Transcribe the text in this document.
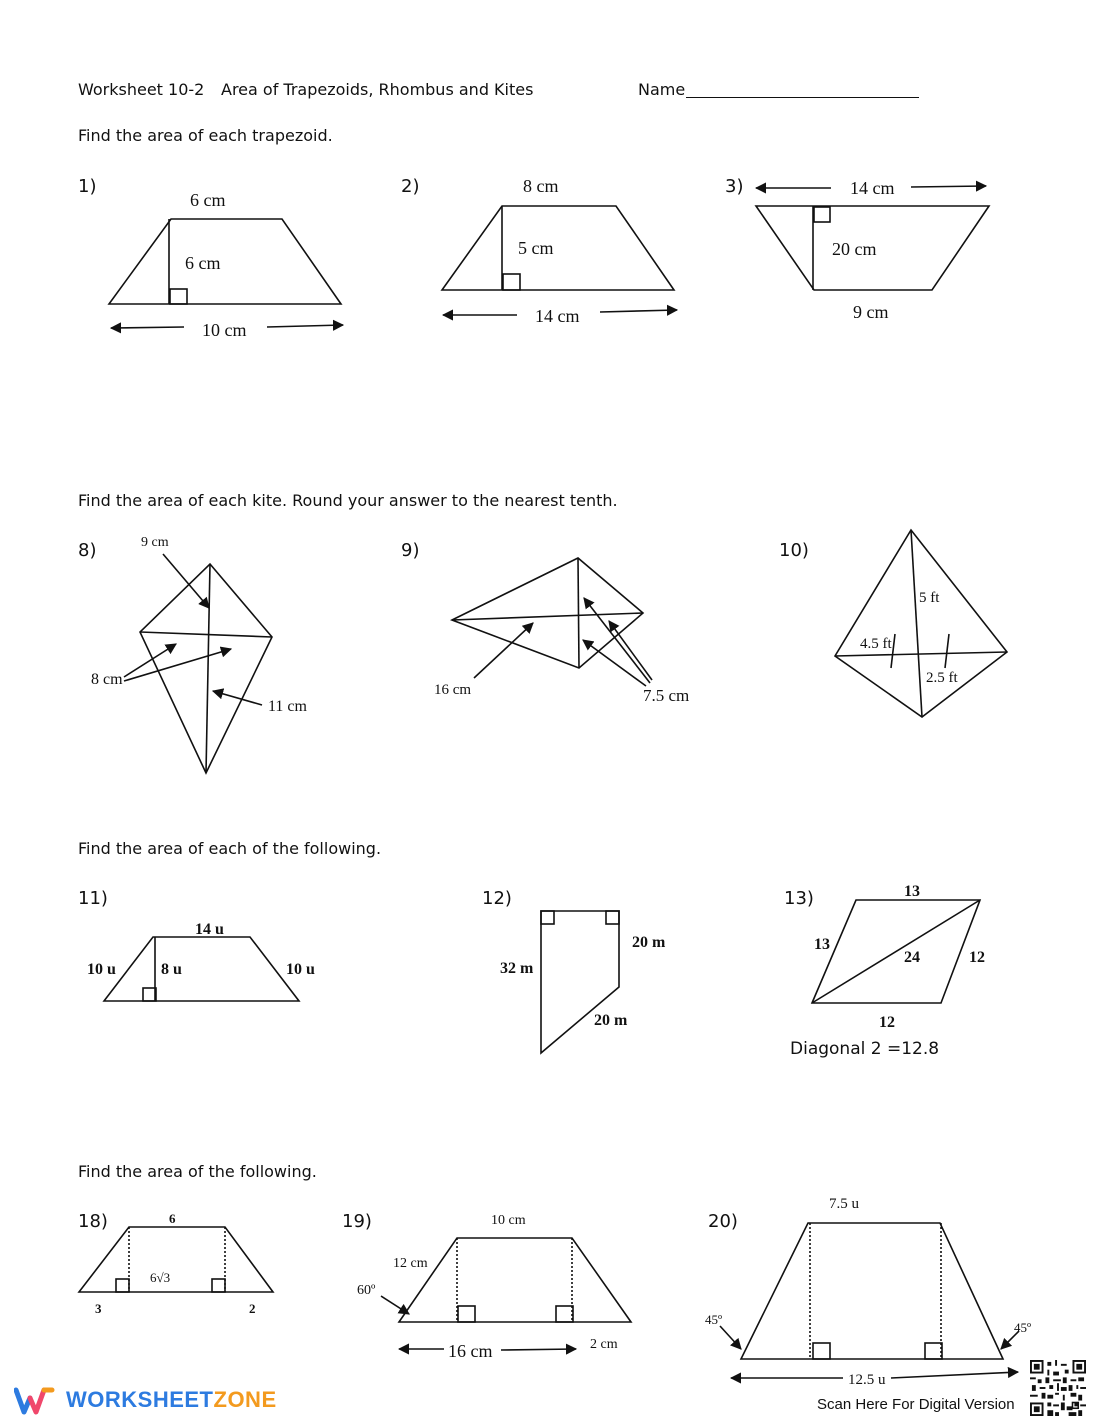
Worksheet 10-2 Area of Trapezoids, Rhombus and Kites	Name
Find the area of each trapezoid.
Find the area of each kite. Round your answer to the nearest tenth.
Find the area of each of the following.
Find the area of the following.
1)	2)	3)
8)	9)	10)
11)	12)	13)
18)	19)	20)
6 cm
6 cm
10 cm
8 cm
5 cm
14 cm
14 cm
20 cm
9 cm
9 cm
8 cm
11 cm
16 cm	7.5 cm
5 ft
4.5 ft
2.5 ft
14 u
10 u	8 u	10 u	32 m
20 m
20 m
13
13
24	12
12
6
6√3
3	2
10 cm
12 cm
60º
16 cm	2 cm
7.5 u
45º
45º
12.5 u
Diagonal 2 =12.8
WORKSHEETZONE	Scan Here For Digital Version
